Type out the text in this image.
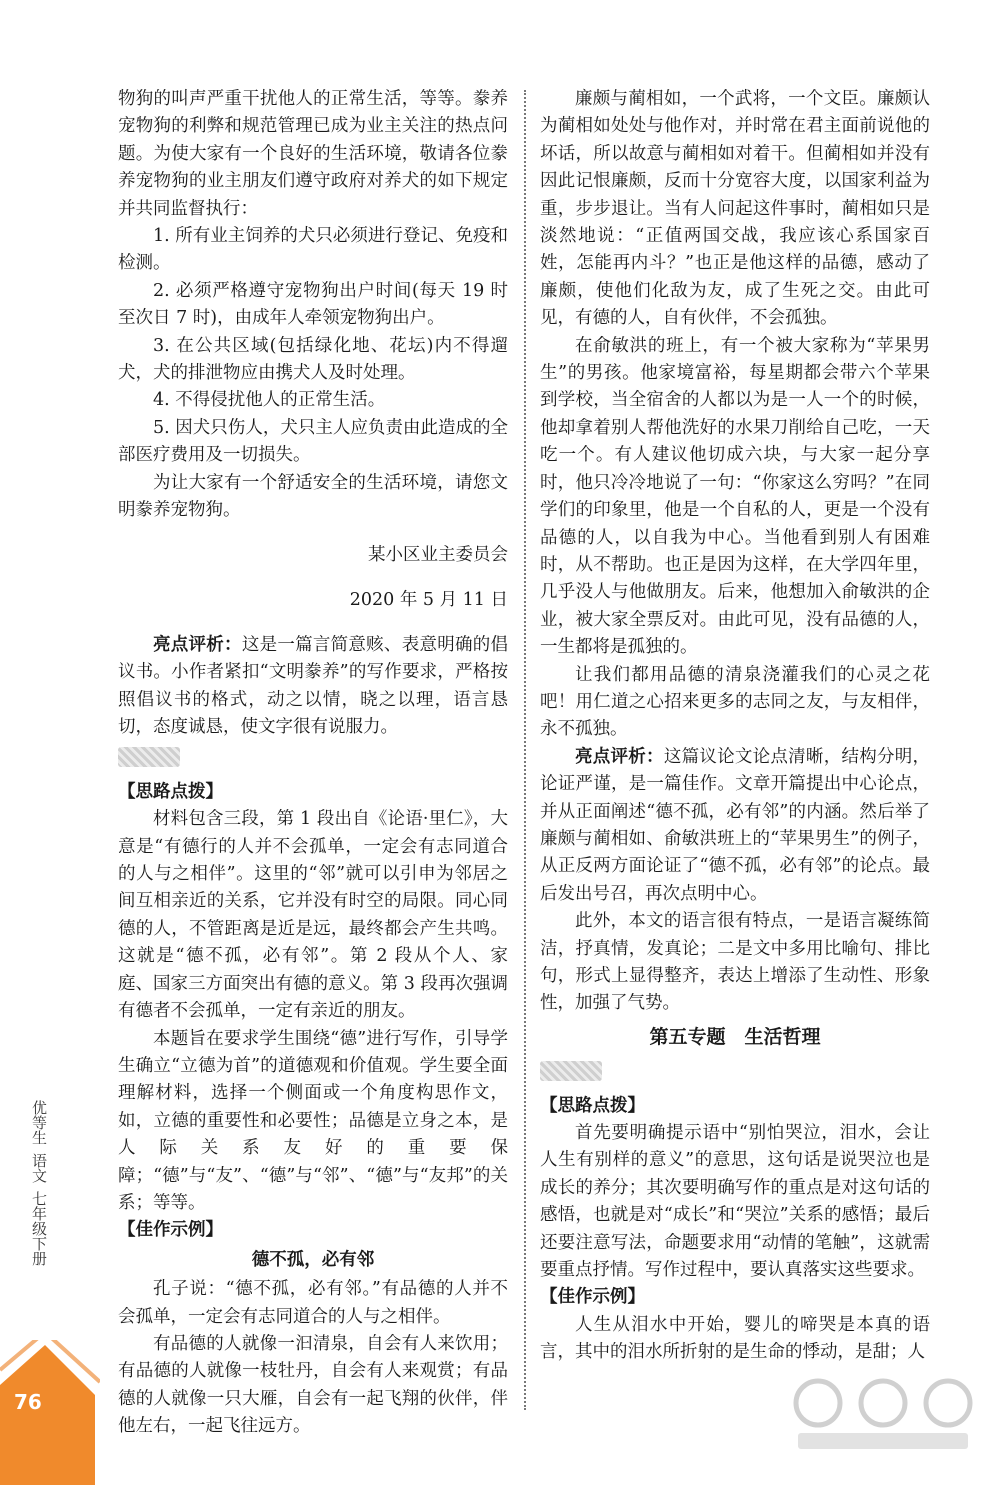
物狗的叫声严重干扰他人的正常生活，等等。豢养宠物狗的利弊和规范管理已成为业主关注的热点问题。为使大家有一个良好的生活环境，敬请各位豢养宠物狗的业主朋友们遵守政府对养犬的如下规定并共同监督执行：

1. 所有业主饲养的犬只必须进行登记、免疫和检测。

2. 必须严格遵守宠物狗出户时间(每天 19 时至次日 7 时)，由成年人牵领宠物狗出户。

3. 在公共区域(包括绿化地、花坛)内不得遛犬，犬的排泄物应由携犬人及时处理。

4. 不得侵扰他人的正常生活。

5. 因犬只伤人，犬只主人应负责由此造成的全部医疗费用及一切损失。

为让大家有一个舒适安全的生活环境，请您文明豢养宠物狗。

某小区业主委员会

2020 年 5 月 11 日

亮点评析：这是一篇言简意赅、表意明确的倡议书。小作者紧扣“文明豢养”的写作要求，严格按照倡议书的格式，动之以情，晓之以理，语言恳切，态度诚恳，使文字很有说服力。

【思路点拨】

材料包含三段，第 1 段出自《论语·里仁》，大意是“有德行的人并不会孤单，一定会有志同道合的人与之相伴”。这里的“邻”就可以引申为邻居之间互相亲近的关系，它并没有时空的局限。同心同德的人，不管距离是近是远，最终都会产生共鸣。这就是“德不孤，必有邻”。第 2 段从个人、家庭、国家三方面突出有德的意义。第 3 段再次强调有德者不会孤单，一定有亲近的朋友。

本题旨在要求学生围绕“德”进行写作，引导学生确立“立德为首”的道德观和价值观。学生要全面理解材料，选择一个侧面或一个角度构思作文，如，立德的重要性和必要性；品德是立身之本，是人际关系友好的重要保障；“德”与“友”、“德”与“邻”、“德”与“友邦”的关系；等等。

【佳作示例】

德不孤，必有邻

孔子说：“德不孤，必有邻。”有品德的人并不会孤单，一定会有志同道合的人与之相伴。

有品德的人就像一汩清泉，自会有人来饮用；有品德的人就像一枝牡丹，自会有人来观赏；有品德的人就像一只大雁，自会有一起飞翔的伙伴，伴他左右，一起飞往远方。

廉颇与蔺相如，一个武将，一个文臣。廉颇认为蔺相如处处与他作对，并时常在君主面前说他的坏话，所以故意与蔺相如对着干。但蔺相如并没有因此记恨廉颇，反而十分宽容大度，以国家利益为重，步步退让。当有人问起这件事时，蔺相如只是淡然地说：“正值两国交战，我应该心系国家百姓，怎能再内斗？”也正是他这样的品德，感动了廉颇，使他们化敌为友，成了生死之交。由此可见，有德的人，自有伙伴，不会孤独。

在俞敏洪的班上，有一个被大家称为“苹果男生”的男孩。他家境富裕，每星期都会带六个苹果到学校，当全宿舍的人都以为是一人一个的时候，他却拿着别人帮他洗好的水果刀削给自己吃，一天吃一个。有人建议他切成六块，与大家一起分享时，他只冷冷地说了一句：“你家这么穷吗？”在同学们的印象里，他是一个自私的人，更是一个没有品德的人，以自我为中心。当他看到别人有困难时，从不帮助。也正是因为这样，在大学四年里，几乎没人与他做朋友。后来，他想加入俞敏洪的企业，被大家全票反对。由此可见，没有品德的人，一生都将是孤独的。

让我们都用品德的清泉浇灌我们的心灵之花吧！用仁道之心招来更多的志同之友，与友相伴，永不孤独。

亮点评析：这篇议论文论点清晰，结构分明，论证严谨，是一篇佳作。文章开篇提出中心论点，并从正面阐述“德不孤，必有邻”的内涵。然后举了廉颇与蔺相如、俞敏洪班上的“苹果男生”的例子，从正反两方面论证了“德不孤，必有邻”的论点。最后发出号召，再次点明中心。

此外，本文的语言很有特点，一是语言凝练简洁，抒真情，发真论；二是文中多用比喻句、排比句，形式上显得整齐，表达上增添了生动性、形象性，加强了气势。

第五专题　生活哲理

【思路点拨】

首先要明确提示语中“别怕哭泣，泪水，会让人生有别样的意义”的意思，这句话是说哭泣也是成长的养分；其次要明确写作的重点是对这句话的感悟，也就是对“成长”和“哭泣”关系的感悟；最后还要注意写法，命题要求用“动情的笔触”，这就需要重点抒情。写作过程中，要认真落实这些要求。

【佳作示例】

人生从泪水中开始，婴儿的啼哭是本真的语言，其中的泪水所折射的是生命的悸动，是甜；人

优等生
语文
七年级下册
76
